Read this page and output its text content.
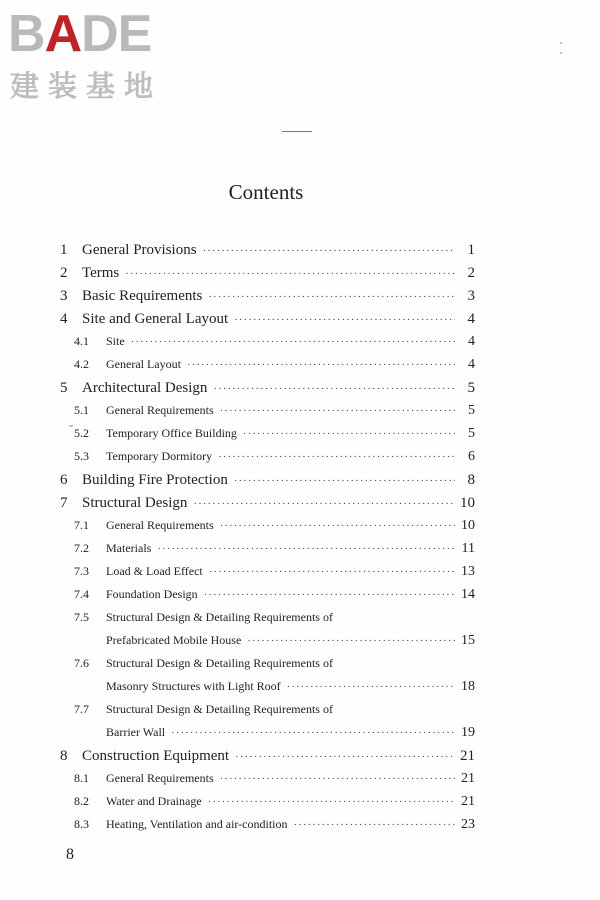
BADE
建装基地
Contents
"
1 General Provisions ·····	1
2 Terms ·····	2
3 Basic Requirements ·····	3
4 Site and General Layout ·····	4
4.1	Site ·····	4
4.2	General Layout ·····	4
5 Architectural Design ·····	5
5.1	General Requirements ·····	5
5.2	Temporary Office Building ·····	5
5.3	Temporary Dormitory ·····	6
6 Building Fire Protection ·····	8
7 Structural Design ·····	10
7.1	General Requirements ·····	10
7.2	Materials ·····	11
7.3	Load & Load Effect ·····	13
7.4	Foundation Design ·····	14
7.5	Structural Design & Detailing Requirements of
Prefabricated Mobile House ·····	15
7.6	Structural Design & Detailing Requirements of
Masonry Structures with Light Roof ·····	18
7.7	Structural Design & Detailing Requirements of
Barrier Wall ·····	19
8 Construction Equipment ·····	21
8.1	General Requirements ·····	21
8.2	Water and Drainage ·····	21
8.3	Heating, Ventilation and air-condition ·····	23
8
